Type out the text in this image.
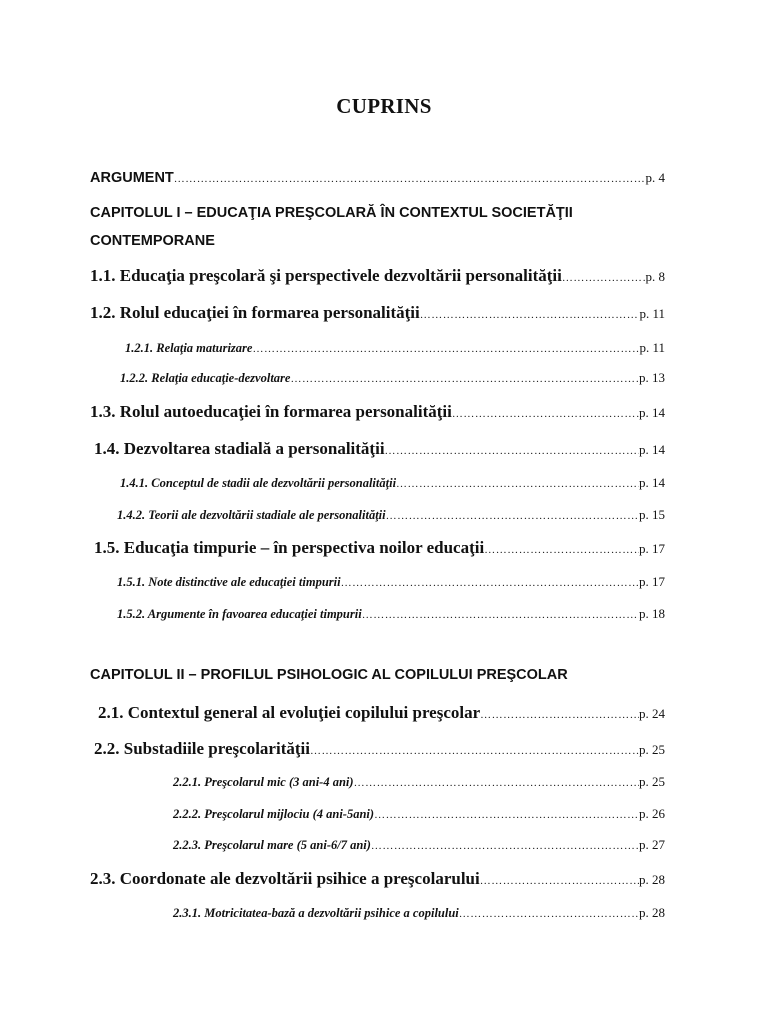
CUPRINS
ARGUMENT ………………………………………………………………………………………………………………………………………………………………	p. 4
CAPITOLUL I – EDUCAŢIA PREŞCOLARĂ ÎN CONTEXTUL SOCIETĂŢII
CONTEMPORANE
1.1. Educaţia preşcolară şi perspectivele dezvoltării personalităţii ………………………………………………………………………………………………………………………………………………………………	p. 8
1.2. Rolul educaţiei în formarea personalităţii ………………………………………………………………………………………………………………………………………………………………	p. 11
1.2.1. Relaţia maturizare ………………………………………………………………………………………………………………………………………………………………	p. 11
1.2.2. Relaţia educaţie-dezvoltare ………………………………………………………………………………………………………………………………………………………………	p. 13
1.3. Rolul autoeducaţiei în formarea personalităţii ………………………………………………………………………………………………………………………………………………………………	p. 14
1.4. Dezvoltarea stadială a personalităţii ………………………………………………………………………………………………………………………………………………………………	p. 14
1.4.1. Conceptul de stadii ale dezvoltării personalităţii ………………………………………………………………………………………………………………………………………………………………	p. 14
1.4.2. Teorii ale dezvoltării stadiale ale personalităţii ………………………………………………………………………………………………………………………………………………………………	p. 15
1.5. Educaţia timpurie – în perspectiva noilor educaţii ………………………………………………………………………………………………………………………………………………………………	p. 17
1.5.1. Note distinctive ale educaţiei timpurii ………………………………………………………………………………………………………………………………………………………………	p. 17
1.5.2. Argumente în favoarea educaţiei timpurii ………………………………………………………………………………………………………………………………………………………………	p. 18
CAPITOLUL II – PROFILUL PSIHOLOGIC AL COPILULUI PREŞCOLAR
2.1. Contextul general al evoluţiei copilului preşcolar ………………………………………………………………………………………………………………………………………………………………	p. 24
2.2. Substadiile preşcolarităţii ………………………………………………………………………………………………………………………………………………………………	p. 25
2.2.1. Preşcolarul mic (3 ani-4 ani) ………………………………………………………………………………………………………………………………………………………………	p. 25
2.2.2. Preşcolarul mijlociu (4 ani-5ani) ………………………………………………………………………………………………………………………………………………………………	p. 26
2.2.3. Preşcolarul mare (5 ani-6/7 ani) ………………………………………………………………………………………………………………………………………………………………	p. 27
2.3. Coordonate ale dezvoltării psihice a preşcolarului ………………………………………………………………………………………………………………………………………………………………	p. 28
2.3.1. Motricitatea-bază a dezvoltării psihice a copilului ………………………………………………………………………………………………………………………………………………………………	p. 28
